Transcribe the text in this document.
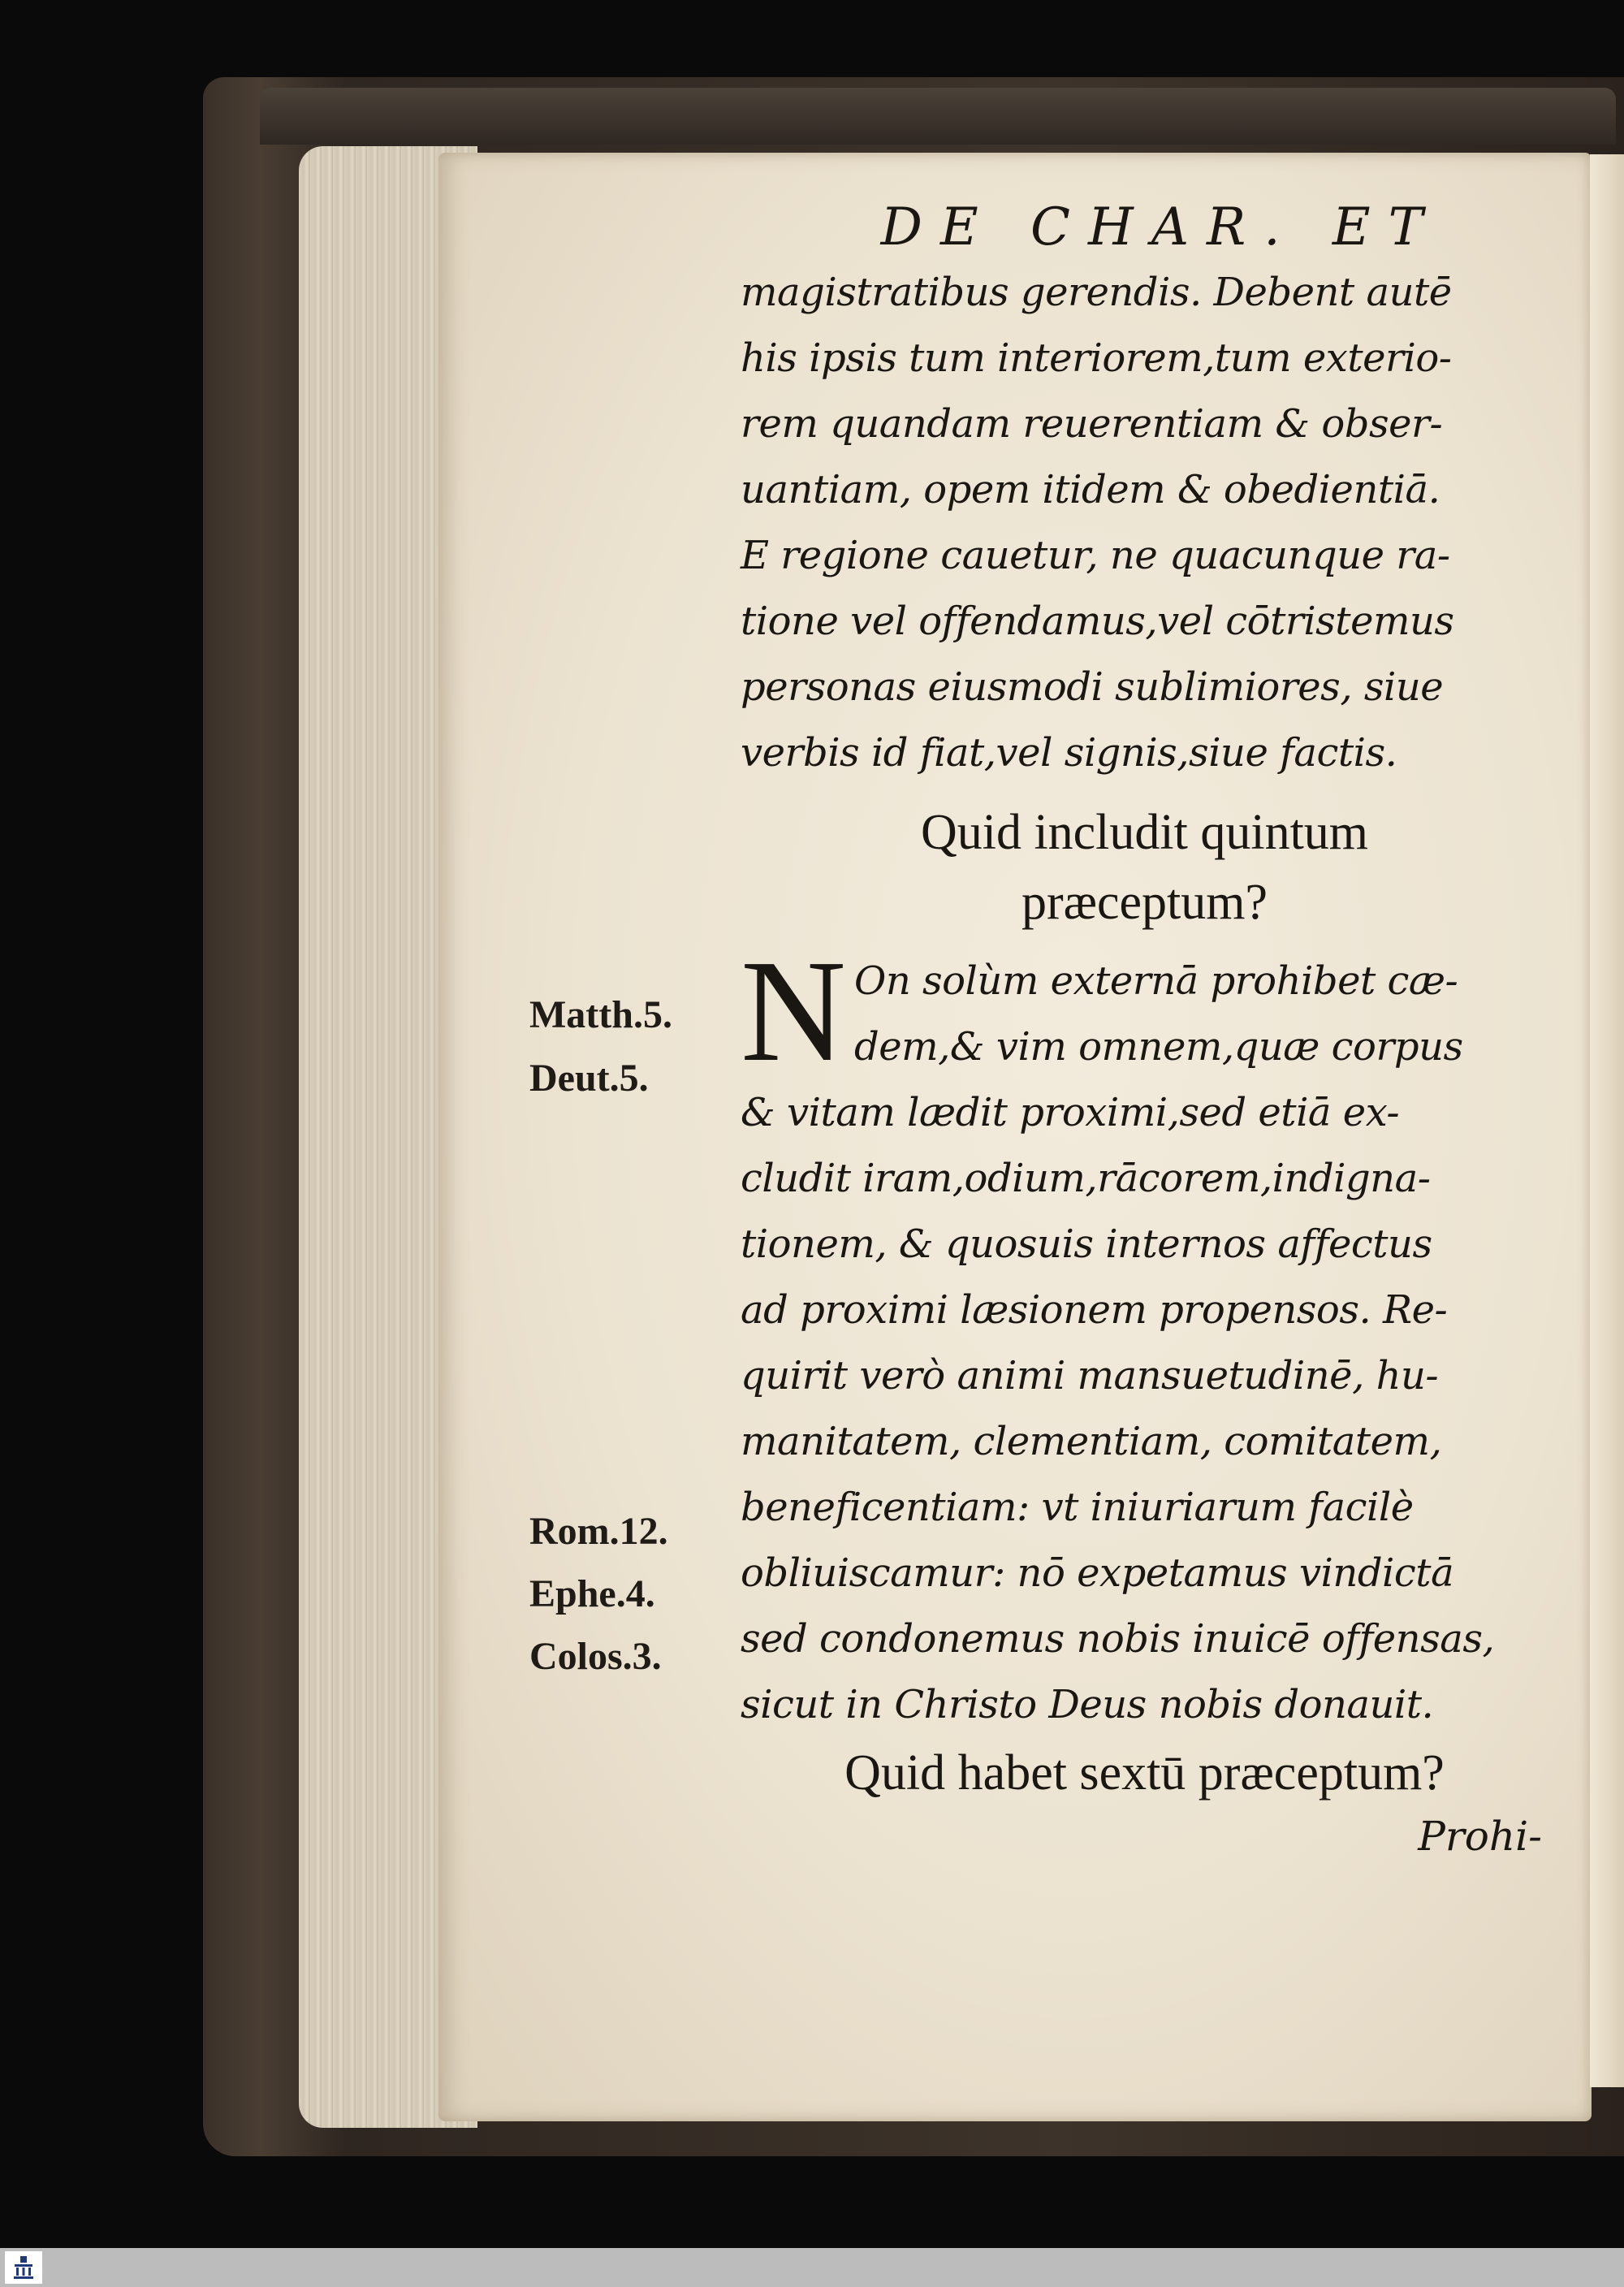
DE CHAR. ET
magistratibus gerendis. Debent autē
his ipsis tum interiorem,tum exterio-
rem quandam reuerentiam & obser-
uantiam, opem itidem & obedientiā.
E regione cauetur, ne quacunque ra-
tione vel offendamus,vel cōtristemus
personas eiusmodi sublimiores, siue
verbis id fiat,vel signis,siue factis.
Quid includit quintum
præceptum?
N On solùm externā prohibet cæ-
dem,& vim omnem,quæ corpus
& vitam lædit proximi,sed etiā ex-
cludit iram,odium,rācorem,indigna-
tionem, & quosuis internos affectus
ad proximi læsionem propensos. Re-
quirit verò animi mansuetudinē, hu-
manitatem, clementiam, comitatem,
beneficentiam: vt iniuriarum facilè
obliuiscamur: nō expetamus vindictā
sed condonemus nobis inuicē offensas,
sicut in Christo Deus nobis donauit.
Quid habet sextū præceptum?
Prohi-
Matth.5.
Deut.5.
Rom.12.
Ephe.4.
Colos.3.
